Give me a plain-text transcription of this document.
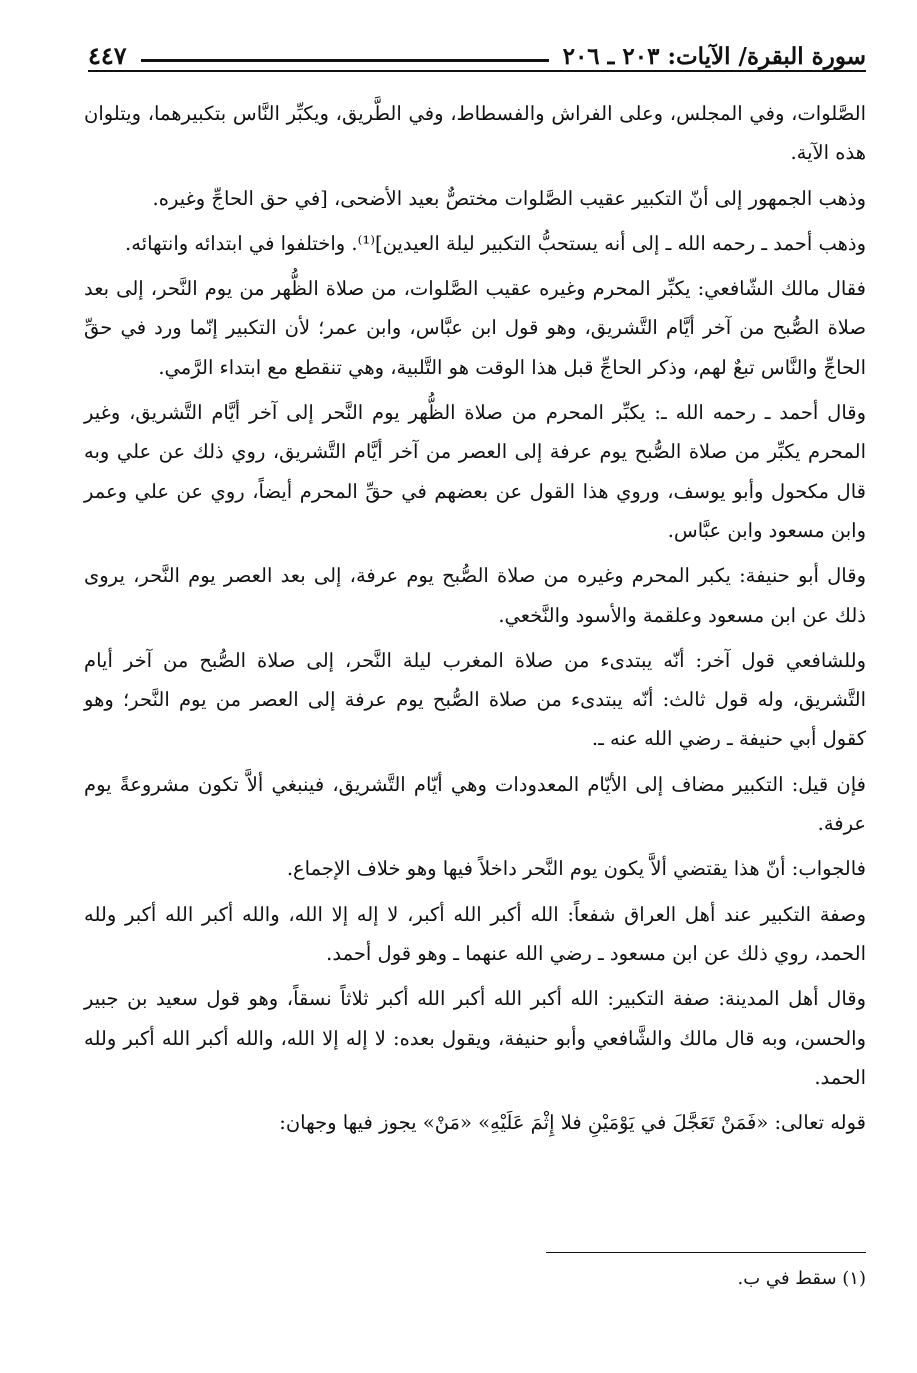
سورة البقرة/ الآيات: ٢٠٣ ـ ٢٠٦
٤٤٧

الصَّلوات، وفي المجلس، وعلى الفراش والفسطاط، وفي الطَّريق، ويكبِّر النَّاس بتكبيرهما، ويتلوان هذه الآية.

وذهب الجمهور إلى أنّ التكبير عقيب الصَّلوات مختصٌّ بعيد الأضحى، [في حق الحاجِّ وغيره.

وذهب أحمد ـ رحمه الله ـ إلى أنه يستحبُّ التكبير ليلة العيدين]⁽¹⁾. واختلفوا في ابتدائه وانتهائه.

فقال مالك الشّافعي: يكبِّر المحرم وغيره عقيب الصَّلوات، من صلاة الظُّهر من يوم النَّحر، إلى بعد صلاة الصُّبح من آخر أيَّام التَّشريق، وهو قول ابن عبَّاس، وابن عمر؛ لأن التكبير إنّما ورد في حقِّ الحاجِّ والنَّاس تبعٌ لهم، وذكر الحاجِّ قبل هذا الوقت هو التَّلبية، وهي تنقطع مع ابتداء الرَّمي.

وقال أحمد ـ رحمه الله ـ: يكبِّر المحرم من صلاة الظُّهر يوم النَّحر إلى آخر أيَّام التَّشريق، وغير المحرم يكبِّر من صلاة الصُّبح يوم عرفة إلى العصر من آخر أيَّام التَّشريق، روي ذلك عن علي وبه قال مكحول وأبو يوسف، وروي هذا القول عن بعضهم في حقِّ المحرم أيضاً، روي عن علي وعمر وابن مسعود وابن عبَّاس.

وقال أبو حنيفة: يكبر المحرم وغيره من صلاة الصُّبح يوم عرفة، إلى بعد العصر يوم النَّحر، يروى ذلك عن ابن مسعود وعلقمة والأسود والنَّخعي.

وللشافعي قول آخر: أنّه يبتدىء من صلاة المغرب ليلة النَّحر، إلى صلاة الصُّبح من آخر أيام التَّشريق، وله قول ثالث: أنّه يبتدىء من صلاة الصُّبح يوم عرفة إلى العصر من يوم النَّحر؛ وهو كقول أبي حنيفة ـ رضي الله عنه ـ.

فإن قيل: التكبير مضاف إلى الأيّام المعدودات وهي أيّام التَّشريق، فينبغي ألاَّ تكون مشروعةً يوم عرفة.

فالجواب: أنّ هذا يقتضي ألاَّ يكون يوم النَّحر داخلاً فيها وهو خلاف الإجماع.

وصفة التكبير عند أهل العراق شفعاً: الله أكبر الله أكبر، لا إله إلا الله، والله أكبر الله أكبر ولله الحمد، روي ذلك عن ابن مسعود ـ رضي الله عنهما ـ وهو قول أحمد.

وقال أهل المدينة: صفة التكبير: الله أكبر الله أكبر الله أكبر ثلاثاً نسقاً، وهو قول سعيد بن جبير والحسن، وبه قال مالك والشَّافعي وأبو حنيفة، ويقول بعده: لا إله إلا الله، والله أكبر الله أكبر ولله الحمد.

قوله تعالى: «فَمَنْ تَعَجَّلَ في يَوْمَيْنِ فلا إِثْمَ عَلَيْهِ» «مَنْ» يجوز فيها وجهان:

(١) سقط في ب.
